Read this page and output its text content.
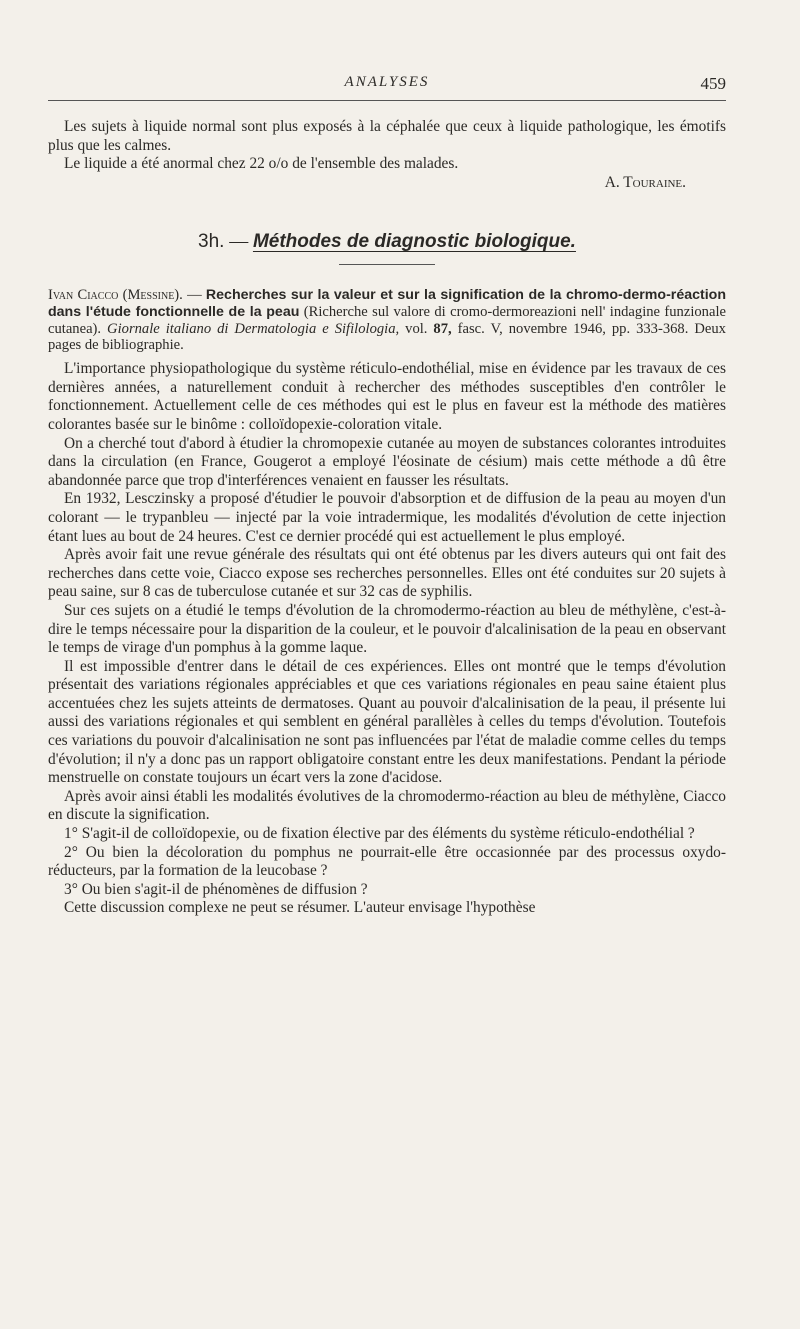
ANALYSES	459

Les sujets à liquide normal sont plus exposés à la céphalée que ceux à liquide pathologique, les émotifs plus que les calmes.

Le liquide a été anormal chez 22 o/o de l'ensemble des malades.

A. Touraine.

3h. — Méthodes de diagnostic biologique.

Ivan Ciacco (Messine). — Recherches sur la valeur et sur la signification de la chromo-dermo-réaction dans l'étude fonctionnelle de la peau (Richerche sul valore di cromo-dermoreazioni nell' indagine funzionale cutanea). Giornale italiano di Dermatologia e Sifilologia, vol. 87, fasc. V, novembre 1946, pp. 333-368. Deux pages de bibliographie.

L'importance physiopathologique du système réticulo-endothélial, mise en évidence par les travaux de ces dernières années, a naturellement conduit à rechercher des méthodes susceptibles d'en contrôler le fonctionnement. Actuellement celle de ces méthodes qui est le plus en faveur est la méthode des matières colorantes basée sur le binôme : colloïdopexie-coloration vitale.

On a cherché tout d'abord à étudier la chromopexie cutanée au moyen de substances colorantes introduites dans la circulation (en France, Gougerot a employé l'éosinate de césium) mais cette méthode a dû être abandonnée parce que trop d'interférences venaient en fausser les résultats.

En 1932, Lesczinsky a proposé d'étudier le pouvoir d'absorption et de diffusion de la peau au moyen d'un colorant — le trypanbleu — injecté par la voie intradermique, les modalités d'évolution de cette injection étant lues au bout de 24 heures. C'est ce dernier procédé qui est actuellement le plus employé.

Après avoir fait une revue générale des résultats qui ont été obtenus par les divers auteurs qui ont fait des recherches dans cette voie, Ciacco expose ses recherches personnelles. Elles ont été conduites sur 20 sujets à peau saine, sur 8 cas de tuberculose cutanée et sur 32 cas de syphilis.

Sur ces sujets on a étudié le temps d'évolution de la chromodermo-réaction au bleu de méthylène, c'est-à-dire le temps nécessaire pour la disparition de la couleur, et le pouvoir d'alcalinisation de la peau en observant le temps de virage d'un pomphus à la gomme laque.

Il est impossible d'entrer dans le détail de ces expériences. Elles ont montré que le temps d'évolution présentait des variations régionales appréciables et que ces variations régionales en peau saine étaient plus accentuées chez les sujets atteints de dermatoses. Quant au pouvoir d'alcalinisation de la peau, il présente lui aussi des variations régionales et qui semblent en général parallèles à celles du temps d'évolution. Toutefois ces variations du pouvoir d'alcalinisation ne sont pas influencées par l'état de maladie comme celles du temps d'évolution; il n'y a donc pas un rapport obligatoire constant entre les deux manifestations. Pendant la période menstruelle on constate toujours un écart vers la zone d'acidose.

Après avoir ainsi établi les modalités évolutives de la chromodermo-réaction au bleu de méthylène, Ciacco en discute la signification.

1° S'agit-il de colloïdopexie, ou de fixation élective par des éléments du système réticulo-endothélial ?

2° Ou bien la décoloration du pomphus ne pourrait-elle être occasionnée par des processus oxydo-réducteurs, par la formation de la leucobase ?

3° Ou bien s'agit-il de phénomènes de diffusion ?

Cette discussion complexe ne peut se résumer. L'auteur envisage l'hypothèse
